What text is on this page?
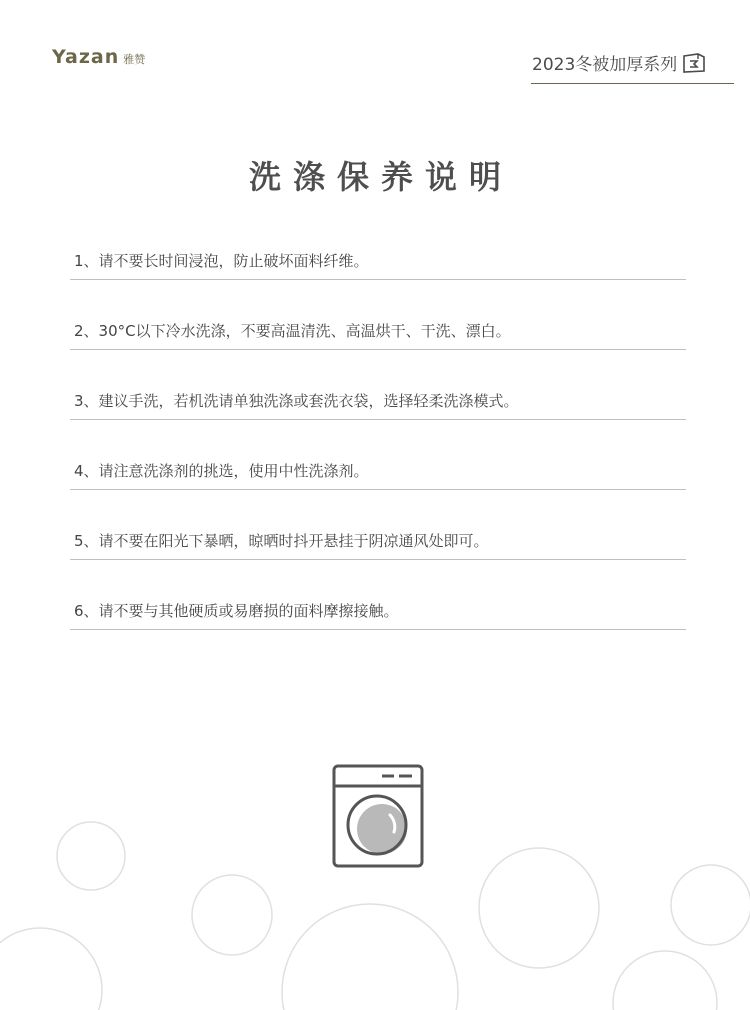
Yazan 雅赞	2023冬被加厚系列
洗涤保养说明
1、请不要长时间浸泡，防止破坏面料纤维。
2、30°C以下冷水洗涤，不要高温清洗、高温烘干、干洗、漂白。
3、建议手洗，若机洗请单独洗涤或套洗衣袋，选择轻柔洗涤模式。
4、请注意洗涤剂的挑选，使用中性洗涤剂。
5、请不要在阳光下暴晒，晾晒时抖开悬挂于阴凉通风处即可。
6、请不要与其他硬质或易磨损的面料摩擦接触。
